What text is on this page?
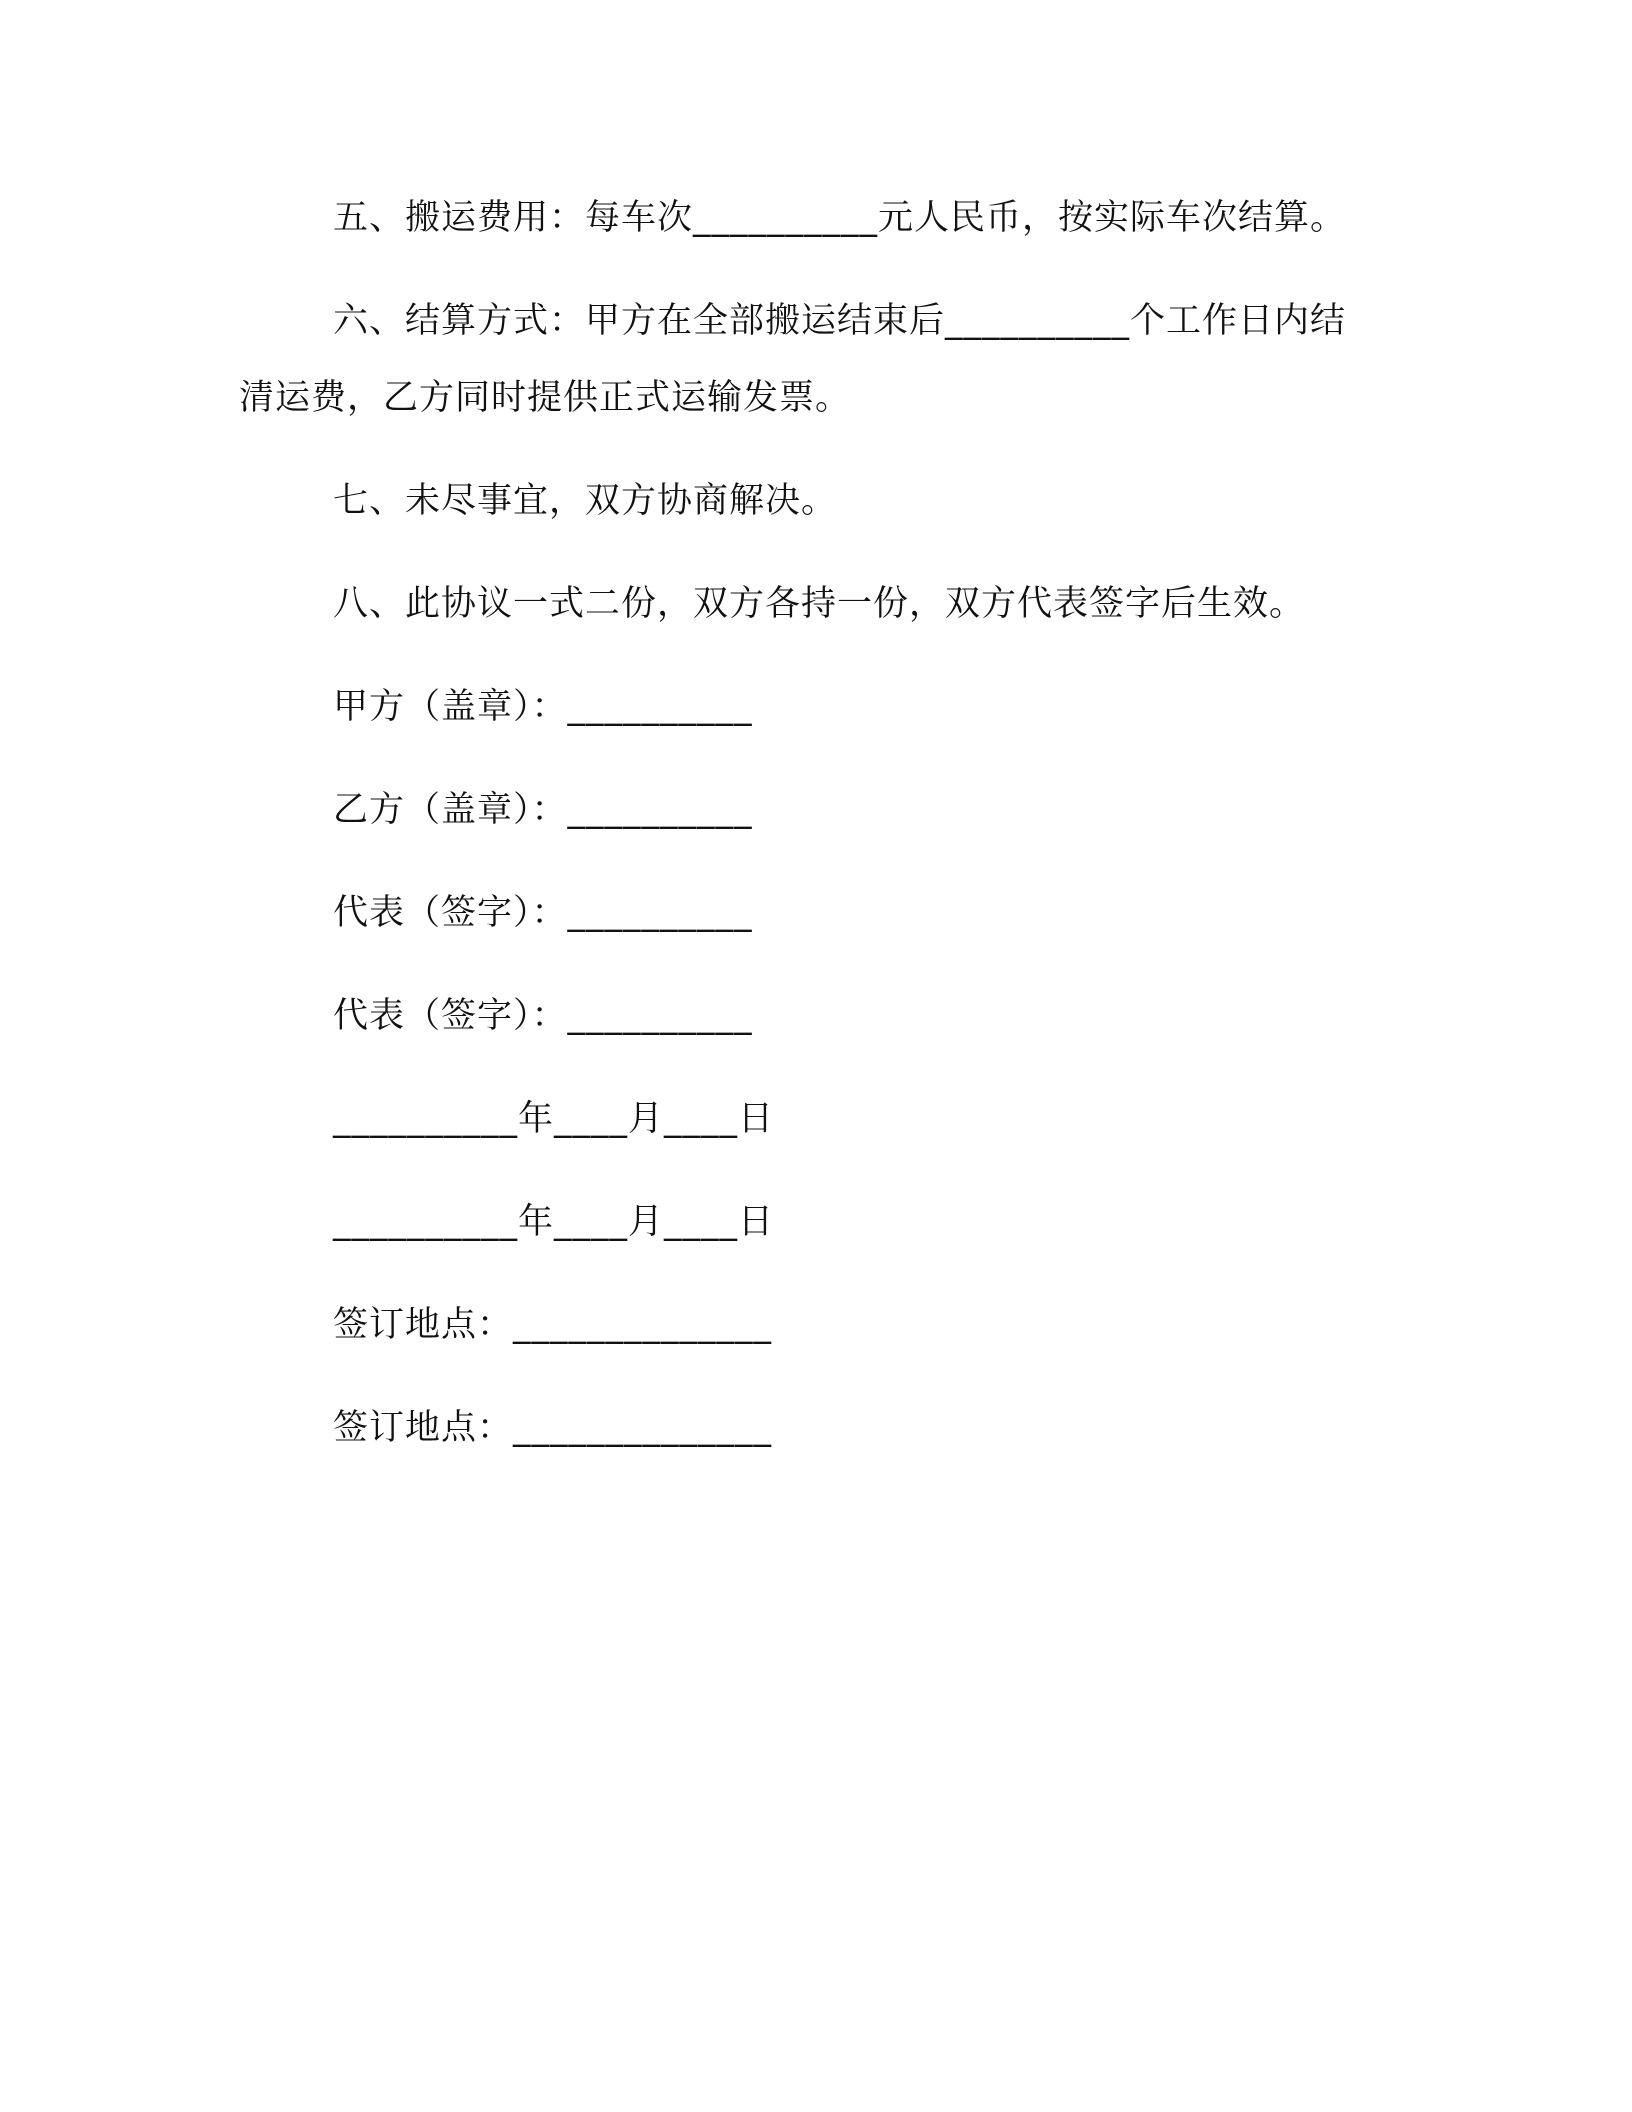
五、搬运费用：每车次__________元人民币，按实际车次结算。
六、结算方式：甲方在全部搬运结束后__________个工作日内结
清运费，乙方同时提供正式运输发票。
七、未尽事宜，双方协商解决。
八、此协议一式二份，双方各持一份，双方代表签字后生效。
甲方（盖章）：__________
乙方（盖章）：__________
代表（签字）：__________
代表（签字）：__________
__________年____月____日
__________年____月____日
签订地点：______________
签订地点：______________
